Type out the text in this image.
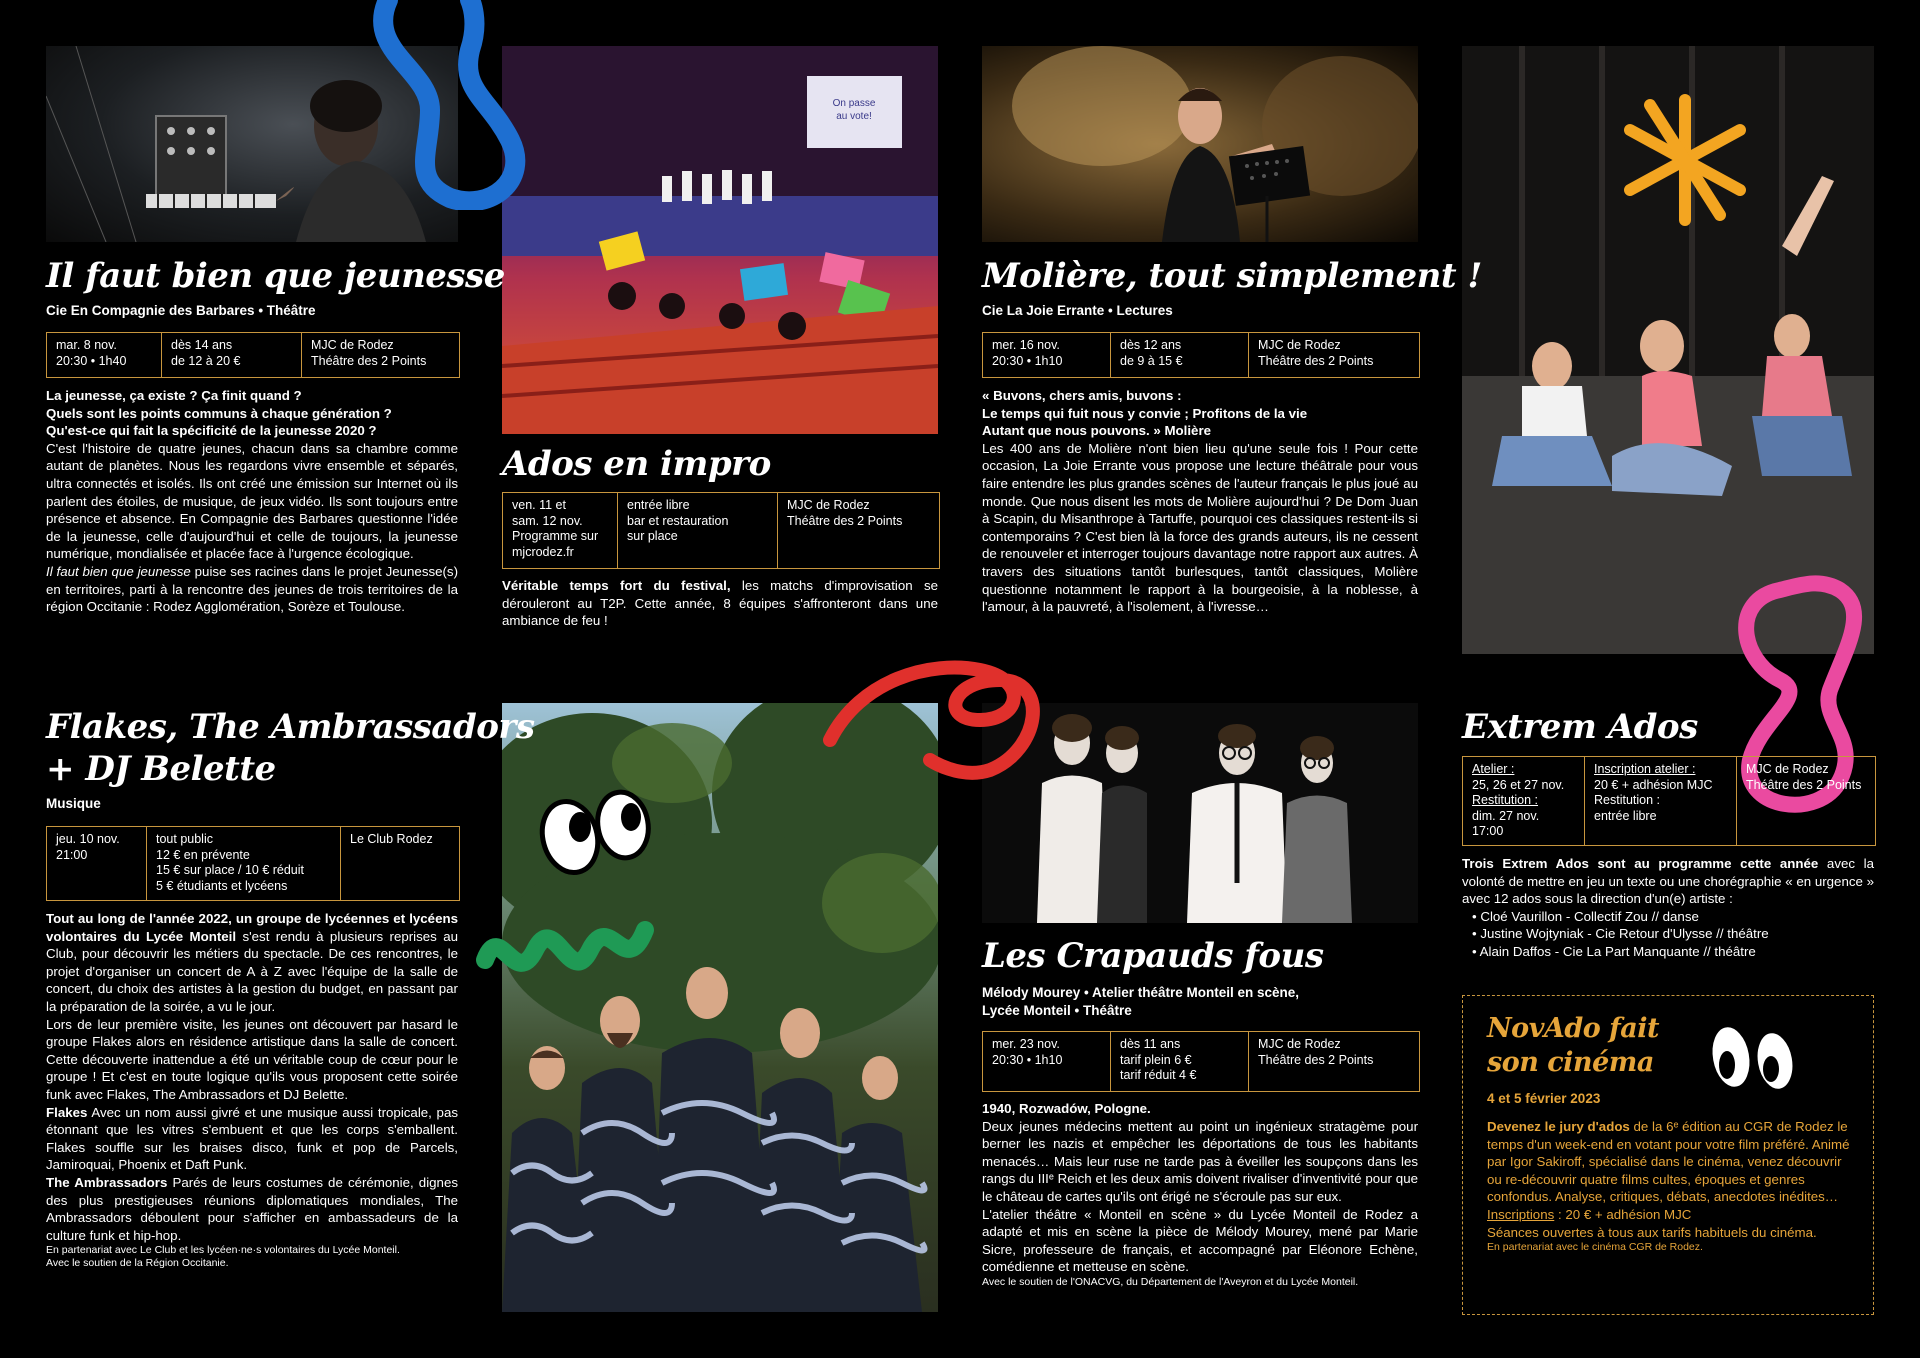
On passe
au vote!
Il faut bien que jeunesse
Cie En Compagnie des Barbares • Théâtre
mar. 8 nov.
20:30 • 1h40
dès 14 ans
de 12 à 20 €
MJC de Rodez
Théâtre des 2 Points
La jeunesse, ça existe ? Ça finit quand ?
Quels sont les points communs à chaque génération ?
Qu'est-ce qui fait la spécificité de la jeunesse 2020 ?
C'est l'histoire de quatre jeunes, chacun dans sa chambre comme autant de planètes. Nous les regardons vivre ensemble et séparés, ultra connectés et isolés. Ils ont créé une émission sur Internet où ils parlent des étoiles, de musique, de jeux vidéo. Ils sont toujours entre présence et absence. En Compagnie des Barbares questionne l'idée de la jeunesse, celle d'aujourd'hui et celle de toujours, la jeunesse numérique, mondialisée et placée face à l'urgence écologique.
Il faut bien que jeunesse puise ses racines dans le projet Jeunesse(s) en territoires, parti à la rencontre des jeunes de trois territoires de la région Occitanie : Rodez Agglomération, Sorèze et Toulouse.
Ados en impro
ven. 11 et
sam. 12 nov.
Programme sur
mjcrodez.fr
entrée libre
bar et restauration
sur place
MJC de Rodez
Théâtre des 2 Points
Véritable temps fort du festival, les matchs d'improvisation se dérouleront au T2P. Cette année, 8 équipes s'affronteront dans une ambiance de feu !
Molière, tout simplement !
Cie La Joie Errante • Lectures
mer. 16 nov.
20:30 • 1h10
dès 12 ans
de 9 à 15 €
MJC de Rodez
Théâtre des 2 Points
« Buvons, chers amis, buvons :
Le temps qui fuit nous y convie ; Profitons de la vie
Autant que nous pouvons. » Molière
Les 400 ans de Molière n'ont bien lieu qu'une seule fois ! Pour cette occasion, La Joie Errante vous propose une lecture théâtrale pour vous faire entendre les plus grandes scènes de l'auteur français le plus joué au monde. Que nous disent les mots de Molière aujourd'hui ? De Dom Juan à Scapin, du Misanthrope à Tartuffe, pourquoi ces classiques restent-ils si contemporains ? C'est bien là la force des grands auteurs, ils ne cessent de renouveler et interroger toujours davantage notre rapport aux autres. À travers des situations tantôt burlesques, tantôt classiques, Molière questionne notamment le rapport à la bourgeoisie, à la noblesse, à l'amour, à la pauvreté, à l'isolement, à l'ivresse…
Flakes, The Ambrassadors
+ DJ Belette
Musique
jeu. 10 nov.
21:00
tout public
12 € en prévente
15 € sur place / 10 € réduit
5 € étudiants et lycéens
Le Club Rodez
Tout au long de l'année 2022, un groupe de lycéennes et lycéens volontaires du Lycée Monteil s'est rendu à plusieurs reprises au Club, pour découvrir les métiers du spectacle. De ces rencontres, le projet d'organiser un concert de A à Z avec l'équipe de la salle de concert, du choix des artistes à la gestion du budget, en passant par la préparation de la soirée, a vu le jour.
Lors de leur première visite, les jeunes ont découvert par hasard le groupe Flakes alors en résidence artistique dans la salle de concert. Cette découverte inattendue a été un véritable coup de cœur pour le groupe ! Et c'est en toute logique qu'ils vous proposent cette soirée funk avec Flakes, The Ambrassadors et DJ Belette.
Flakes Avec un nom aussi givré et une musique aussi tropicale, pas étonnant que les vitres s'embuent et que les corps s'emballent. Flakes souffle sur les braises disco, funk et pop de Parcels, Jamiroquai, Phoenix et Daft Punk.
The Ambrassadors Parés de leurs costumes de cérémonie, dignes des plus prestigieuses réunions diplomatiques mondiales, The Ambrassadors déboulent pour s'afficher en ambassadeurs de la culture funk et hip-hop.
En partenariat avec Le Club et les lycéen·ne·s volontaires du Lycée Monteil.
Avec le soutien de la Région Occitanie.
Les Crapauds fous
Mélody Mourey • Atelier théâtre Monteil en scène,
Lycée Monteil • Théâtre
mer. 23 nov.
20:30 • 1h10
dès 11 ans
tarif plein 6 €
tarif réduit 4 €
MJC de Rodez
Théâtre des 2 Points
1940, Rozwadów, Pologne.
Deux jeunes médecins mettent au point un ingénieux stratagème pour berner les nazis et empêcher les déportations de tous les habitants menacés… Mais leur ruse ne tarde pas à éveiller les soupçons dans les rangs du IIIᵉ Reich et les deux amis doivent rivaliser d'inventivité pour que le château de cartes qu'ils ont érigé ne s'écroule pas sur eux.
L'atelier théâtre « Monteil en scène » du Lycée Monteil de Rodez a adapté et mis en scène la pièce de Mélody Mourey, mené par Marie Sicre, professeure de français, et accompagné par Eléonore Echène, comédienne et metteuse en scène.
Avec le soutien de l'ONACVG, du Département de l'Aveyron et du Lycée Monteil.
Extrem Ados
Atelier :
25, 26 et 27 nov.
Restitution :
dim. 27 nov.
17:00
Inscription atelier :
20 € + adhésion MJC
Restitution :
entrée libre
MJC de Rodez
Théâtre des 2 Points
Trois Extrem Ados sont au programme cette année avec la volonté de mettre en jeu un texte ou une chorégraphie « en urgence » avec 12 ados sous la direction d'un(e) artiste :
• Cloé Vaurillon - Collectif Zou // danse
• Justine Wojtyniak - Cie Retour d'Ulysse // théâtre
• Alain Daffos - Cie La Part Manquante // théâtre
NovAdo fait
son cinéma
4 et 5 février 2023
Devenez le jury d'ados de la 6ᵉ édition au CGR de Rodez le temps d'un week-end en votant pour votre film préféré. Animé par Igor Sakiroff, spécialisé dans le cinéma, venez découvrir ou re-découvrir quatre films cultes, époques et genres confondus. Analyse, critiques, débats, anecdotes inédites…
Inscriptions : 20 € + adhésion MJC
Séances ouvertes à tous aux tarifs habituels du cinéma.
En partenariat avec le cinéma CGR de Rodez.
